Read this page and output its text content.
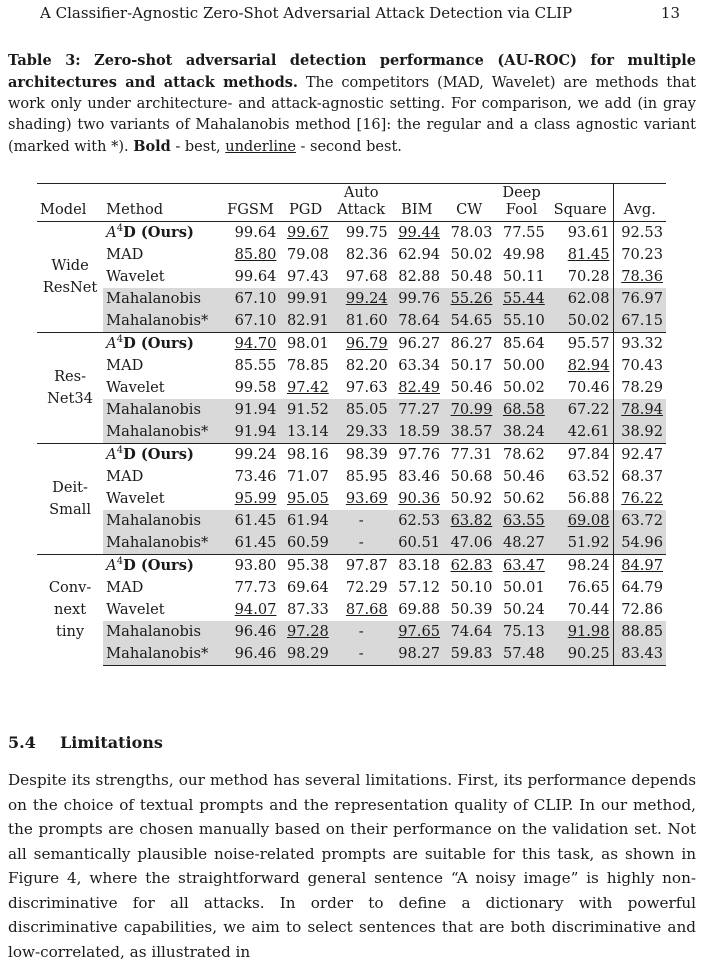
A Classifier-Agnostic Zero-Shot Adversarial Attack Detection via CLIP	13
Table 3: Zero-shot adversarial detection performance (AU-ROC) for multiple architectures and attack methods. The competitors (MAD, Wavelet) are methods that work only under architecture- and attack-agnostic setting. For comparison, we add (in gray shading) two variants of Mahalanobis method [16]: the regular and a class agnostic variant (marked with *). Bold - best, underline - second best.
Model	Method	FGSM	PGD	Auto
Attack	BIM	CW	Deep
Fool	Square	Avg.
Wide
ResNet	$A^4D$ (Ours)	99.64	99.67	99.75	99.44	78.03	77.55	93.61	92.53
	MAD	85.80	79.08	82.36	62.94	50.02	49.98	81.45	70.23
	Wavelet	99.64	97.43	97.68	82.88	50.48	50.11	70.28	78.36
	Mahalanobis	67.10	99.91	99.24	99.76	55.26	55.44	62.08	76.97
	Mahalanobis*	67.10	82.91	81.60	78.64	54.65	55.10	50.02	67.15
Res-
Net34	$A^4D$ (Ours)	94.70	98.01	96.79	96.27	86.27	85.64	95.57	93.32
	MAD	85.55	78.85	82.20	63.34	50.17	50.00	82.94	70.43
	Wavelet	99.58	97.42	97.63	82.49	50.46	50.02	70.46	78.29
	Mahalanobis	91.94	91.52	85.05	77.27	70.99	68.58	67.22	78.94
	Mahalanobis*	91.94	13.14	29.33	18.59	38.57	38.24	42.61	38.92
Deit-
Small	$A^4D$ (Ours)	99.24	98.16	98.39	97.76	77.31	78.62	97.84	92.47
	MAD	73.46	71.07	85.95	83.46	50.68	50.46	63.52	68.37
	Wavelet	95.99	95.05	93.69	90.36	50.92	50.62	56.88	76.22
	Mahalanobis	61.45	61.94	-	62.53	63.82	63.55	69.08	63.72
	Mahalanobis*	61.45	60.59	-	60.51	47.06	48.27	51.92	54.96
Conv-
next
tiny	$A^4D$ (Ours)	93.80	95.38	97.87	83.18	62.83	63.47	98.24	84.97
	MAD	77.73	69.64	72.29	57.12	50.10	50.01	76.65	64.79
	Wavelet	94.07	87.33	87.68	69.88	50.39	50.24	70.44	72.86
	Mahalanobis	96.46	97.28	-	97.65	74.64	75.13	91.98	88.85
	Mahalanobis*	96.46	98.29	-	98.27	59.83	57.48	90.25	83.43
5.4 Limitations
Despite its strengths, our method has several limitations. First, its performance depends on the choice of textual prompts and the representation quality of CLIP. In our method, the prompts are chosen manually based on their performance on the validation set. Not all semantically plausible noise-related prompts are suitable for this task, as shown in Figure 4, where the straightforward general sentence “A noisy image” is highly non-discriminative for all attacks. In order to define a dictionary with powerful discriminative capabilities, we aim to select sentences that are both discriminative and low-correlated, as illustrated in
